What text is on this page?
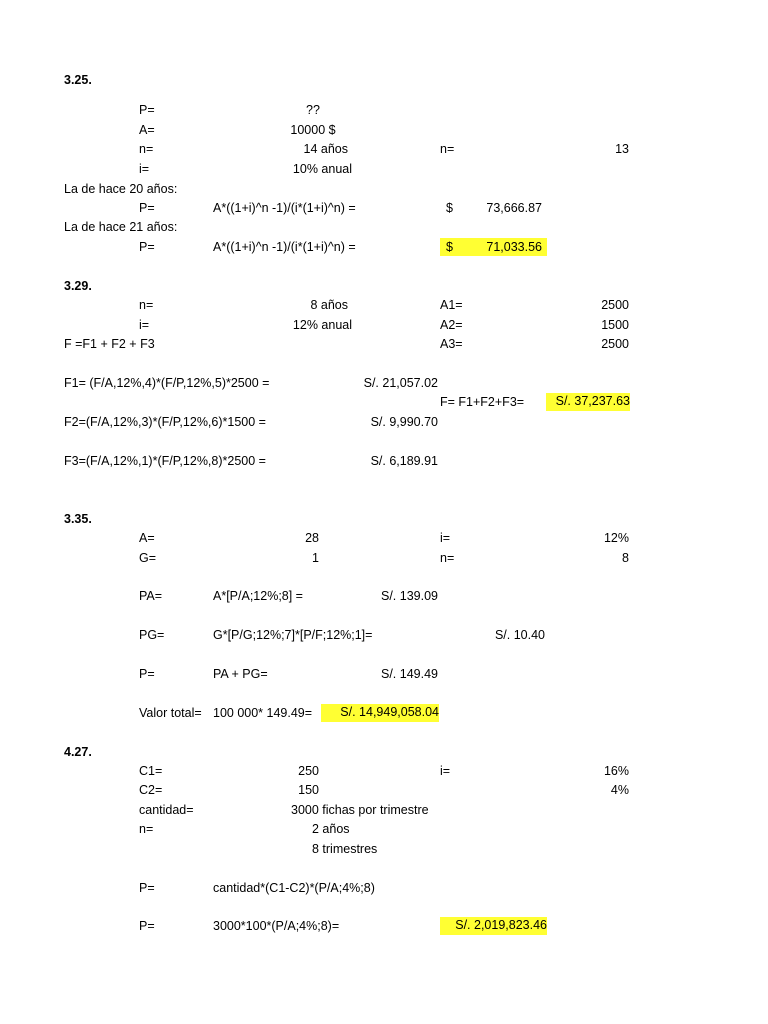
3.25.
P=	??
A=	10000 $
n=	14 años	n=	13
i=	10% anual
La de hace 20 años:
P=	A*((1+i)^n -1)/(i*(1+i)^n) =	$	73,666.87
La de hace 21 años:
P=	A*((1+i)^n -1)/(i*(1+i)^n) =	$	71,033.56
3.29.
n=	8 años	A1=	2500
i=	12% anual	A2=	1500
F =F1 + F2 + F3	A3=	2500
F1= (F/A,12%,4)*(F/P,12%,5)*2500 =	S/. 21,057.02
F= F1+F2+F3=	S/. 37,237.63
F2=(F/A,12%,3)*(F/P,12%,6)*1500 =	S/. 9,990.70
F3=(F/A,12%,1)*(F/P,12%,8)*2500 =	S/. 6,189.91
3.35.
A=	28	i=	12%
G=	1	n=	8
PA=	A*[P/A;12%;8] =	S/. 139.09
PG=	G*[P/G;12%;7]*[P/F;12%;1]=	S/. 10.40
P=	PA + PG=	S/. 149.49
Valor total= 100 000* 149.49=	S/. 14,949,058.04
4.27.
C1=	250	i=	16%
C2=	150	4%
cantidad=	3000 fichas por trimestre
n=	2 años
8 trimestres
P=	cantidad*(C1-C2)*(P/A;4%;8)
P=	3000*100*(P/A;4%;8)=	S/. 2,019,823.46
